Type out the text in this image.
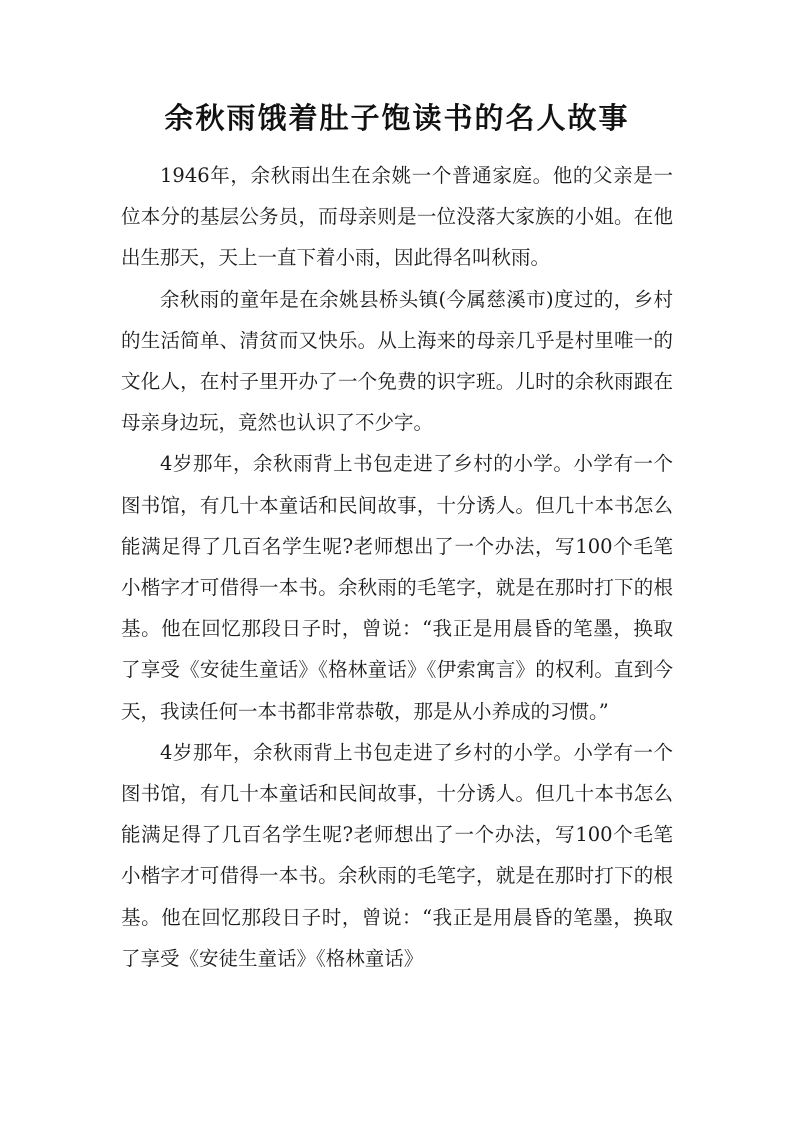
余秋雨饿着肚子饱读书的名人故事

1946年，余秋雨出生在余姚一个普通家庭。他的父亲是一位本分的基层公务员，而母亲则是一位没落大家族的小姐。在他出生那天，天上一直下着小雨，因此得名叫秋雨。

余秋雨的童年是在余姚县桥头镇(今属慈溪市)度过的，乡村的生活简单、清贫而又快乐。从上海来的母亲几乎是村里唯一的文化人，在村子里开办了一个免费的识字班。儿时的余秋雨跟在母亲身边玩，竟然也认识了不少字。

4岁那年，余秋雨背上书包走进了乡村的小学。小学有一个图书馆，有几十本童话和民间故事，十分诱人。但几十本书怎么能满足得了几百名学生呢?老师想出了一个办法，写100个毛笔小楷字才可借得一本书。余秋雨的毛笔字，就是在那时打下的根基。他在回忆那段日子时，曾说：“我正是用晨昏的笔墨，换取了享受《安徒生童话》《格林童话》《伊索寓言》的权利。直到今天，我读任何一本书都非常恭敬，那是从小养成的习惯。”

4岁那年，余秋雨背上书包走进了乡村的小学。小学有一个图书馆，有几十本童话和民间故事，十分诱人。但几十本书怎么能满足得了几百名学生呢?老师想出了一个办法，写100个毛笔小楷字才可借得一本书。余秋雨的毛笔字，就是在那时打下的根基。他在回忆那段日子时，曾说：“我正是用晨昏的笔墨，换取了享受《安徒生童话》《格林童话》
